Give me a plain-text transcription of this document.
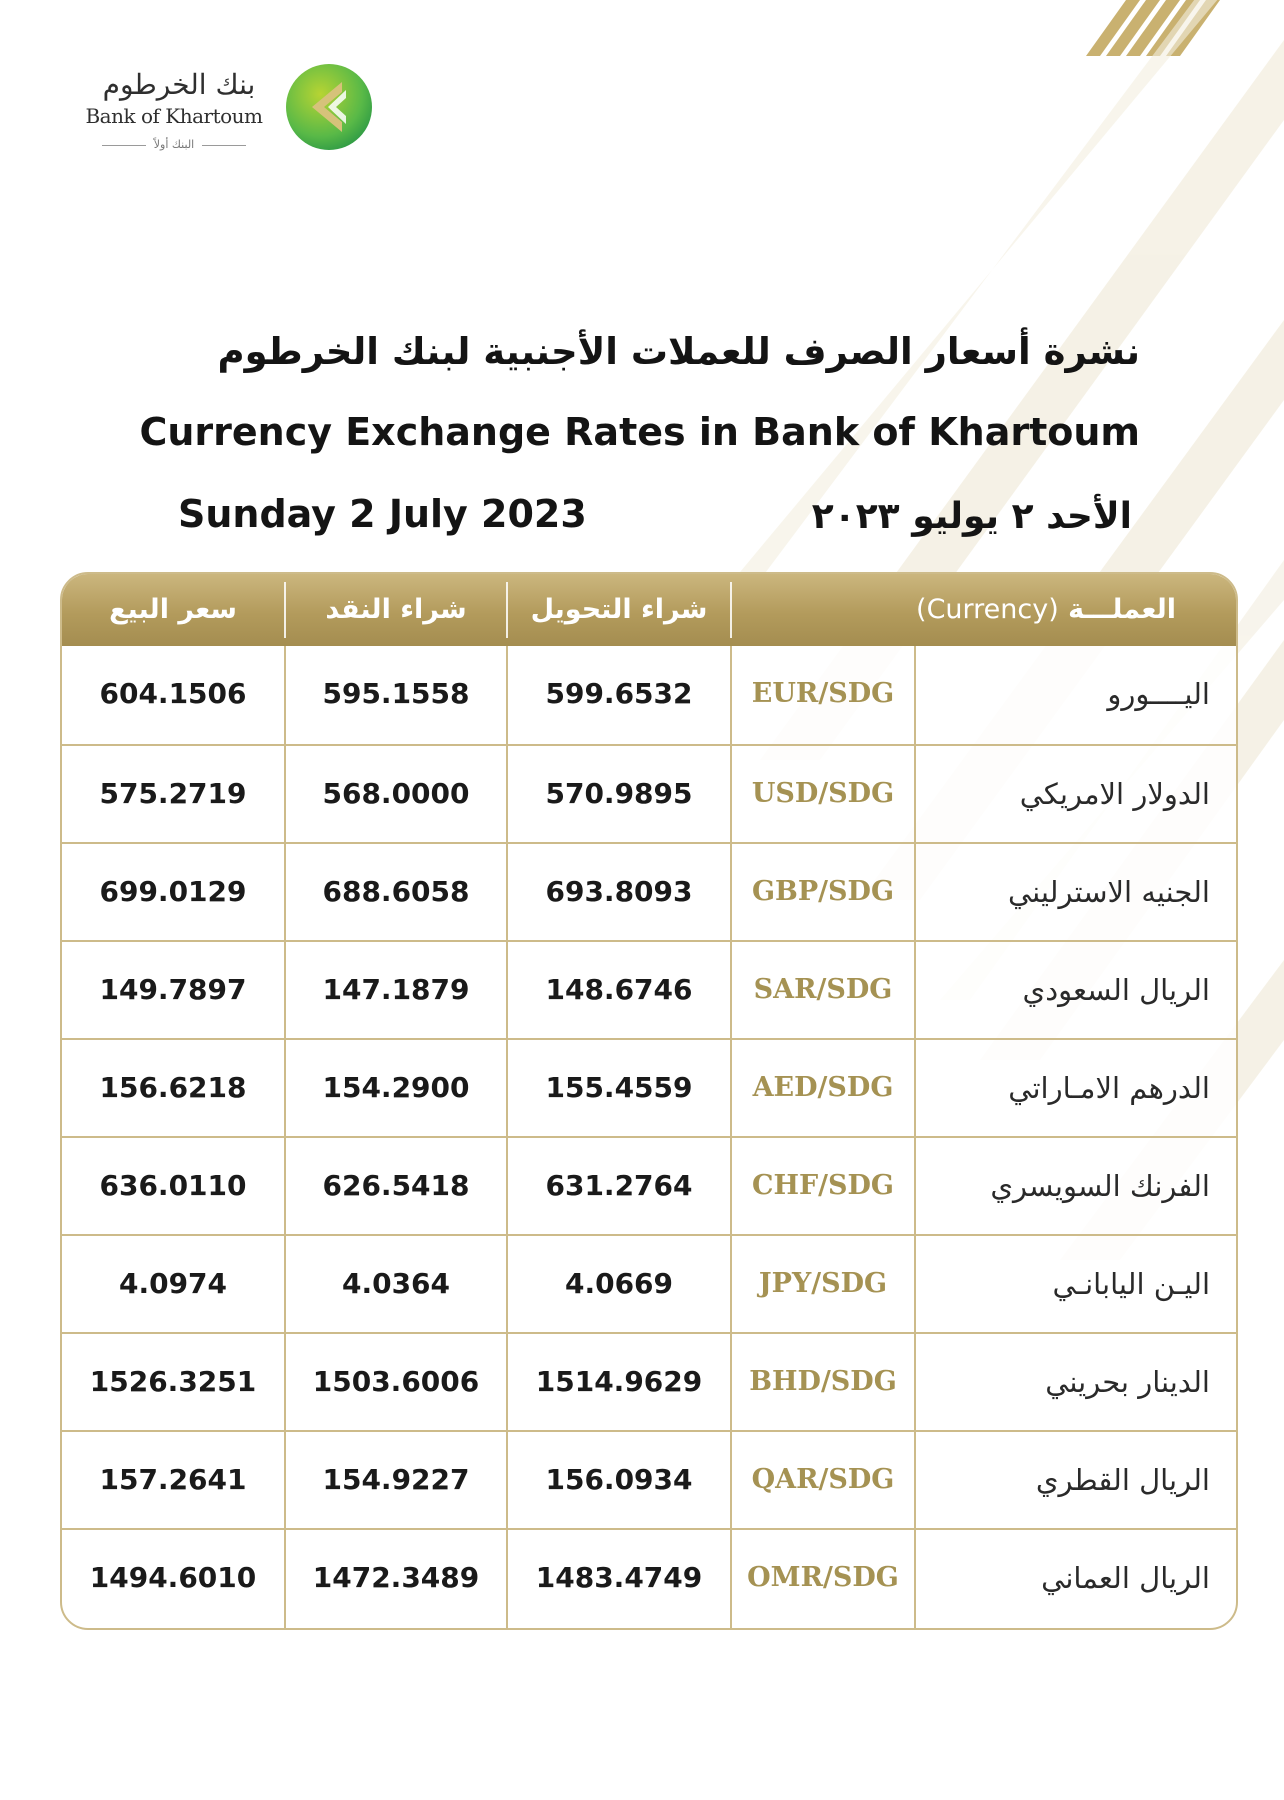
بنك الخرطوم
Bank of Khartoum
البنك أولاً
نشرة أسعار الصرف للعملات الأجنبية لبنك الخرطوم
Currency Exchange Rates in Bank of Khartoum
Sunday 2 July 2023	الأحد ٢ يوليو ٢٠٢٣
سعر البيع	شراء النقد	شراء التحويل	(Currency) العملـــة
604.1506	595.1558	599.6532	EUR/SDG	اليــــورو
575.2719	568.0000	570.9895	USD/SDG	الدولار الامريكي
699.0129	688.6058	693.8093	GBP/SDG	الجنيه الاسترليني
149.7897	147.1879	148.6746	SAR/SDG	الريال السعودي
156.6218	154.2900	155.4559	AED/SDG	الدرهم الامـاراتي
636.0110	626.5418	631.2764	CHF/SDG	الفرنك السويسري
4.0974	4.0364	4.0669	JPY/SDG	اليـن اليابانـي
1526.3251	1503.6006	1514.9629	BHD/SDG	الدينار بحريني
157.2641	154.9227	156.0934	QAR/SDG	الريال القطري
1494.6010	1472.3489	1483.4749	OMR/SDG	الريال العماني
